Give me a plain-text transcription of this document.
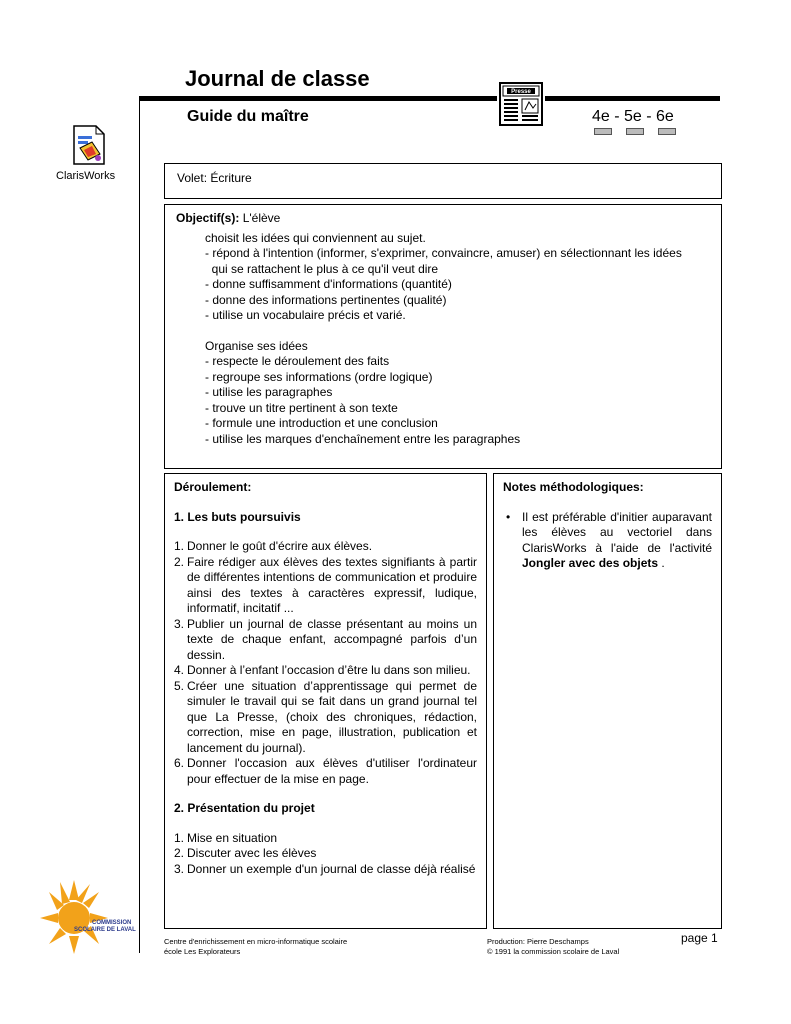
Journal de classe
Guide du maître	4e - 5e - 6e
Presse
ClarisWorks	Volet: Écriture
Objectif(s): L'élève
choisit les idées qui conviennent au sujet.
- répond à l'intention (informer, s'exprimer, convaincre, amuser) en sélectionnant les idées
qui se rattachent le plus à ce qu'il veut dire
- donne suffisamment d'informations (quantité)
- donne des informations pertinentes (qualité)
- utilise un vocabulaire précis et varié.
Organise ses idées
- respecte le déroulement des faits
- regroupe ses informations (ordre logique)
- utilise les paragraphes
- trouve un titre pertinent à son texte
- formule une introduction et une conclusion
- utilise les marques d'enchaînement entre les paragraphes
Déroulement:
1. Les buts poursuivis
1. Donner le goût d'écrire aux élèves.
2. Faire rédiger aux élèves des textes signifiants à partir de différentes intentions de communication et produire ainsi des textes à caractères expressif, ludique, informatif, incitatif ...
3. Publier un journal de classe présentant au moins un texte de chaque enfant, accompagné parfois d’un dessin.
4. Donner à l’enfant l’occasion d’être lu dans son milieu.
5. Créer une situation d’apprentissage qui permet de simuler le travail qui se fait dans un grand journal tel que La Presse, (choix des chroniques, rédaction, correction, mise en page, illustration, publication et lancement du journal).
6. Donner l'occasion aux élèves d'utiliser l'ordinateur pour effectuer de la mise en page.
2. Présentation du projet
1. Mise en situation
2. Discuter avec les élèves
3. Donner un exemple d'un journal de classe déjà réalisé
Notes méthodologiques:
• Il est préférable d'initier auparavant les élèves au vectoriel dans ClarisWorks à l'aide de l'activité Jongler avec des objets .
COMMISSION
SCOLAIRE DE LAVAL
Centre d'enrichissement en micro-informatique scolaire
école Les Explorateurs
Production: Pierre Deschamps
© 1991 la commission scolaire de Laval
page 1
